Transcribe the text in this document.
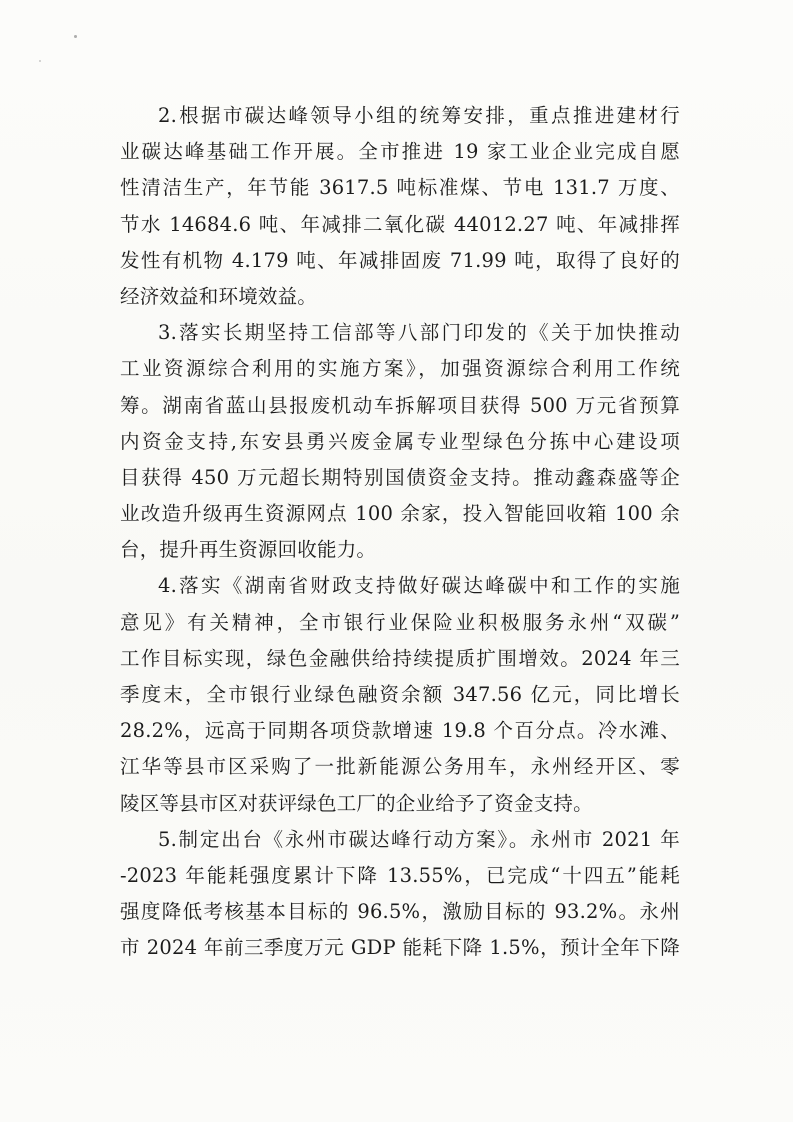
2.根据市碳达峰领导小组的统筹安排，重点推进建材行
业碳达峰基础工作开展。全市推进 19 家工业企业完成自愿
性清洁生产，年节能 3617.5 吨标准煤、节电 131.7 万度、
节水 14684.6 吨、年减排二氧化碳 44012.27 吨、年减排挥
发性有机物 4.179 吨、年减排固废 71.99 吨，取得了良好的
经济效益和环境效益。

3.落实长期坚持工信部等八部门印发的《关于加快推动
工业资源综合利用的实施方案》，加强资源综合利用工作统
筹。湖南省蓝山县报废机动车拆解项目获得 500 万元省预算
内资金支持,东安县勇兴废金属专业型绿色分拣中心建设项
目获得 450 万元超长期特别国债资金支持。推动鑫森盛等企
业改造升级再生资源网点 100 余家，投入智能回收箱 100 余
台，提升再生资源回收能力。

4.落实《湖南省财政支持做好碳达峰碳中和工作的实施
意见》有关精神，全市银行业保险业积极服务永州“双碳”
工作目标实现，绿色金融供给持续提质扩围增效。2024 年三
季度末，全市银行业绿色融资余额 347.56 亿元，同比增长
28.2%，远高于同期各项贷款增速 19.8 个百分点。冷水滩、
江华等县市区采购了一批新能源公务用车，永州经开区、零
陵区等县市区对获评绿色工厂的企业给予了资金支持。

5.制定出台《永州市碳达峰行动方案》。永州市 2021 年
-2023 年能耗强度累计下降 13.55%，已完成“十四五”能耗
强度降低考核基本目标的 96.5%，激励目标的 93.2%。永州
市 2024 年前三季度万元 GDP 能耗下降 1.5%，预计全年下降
